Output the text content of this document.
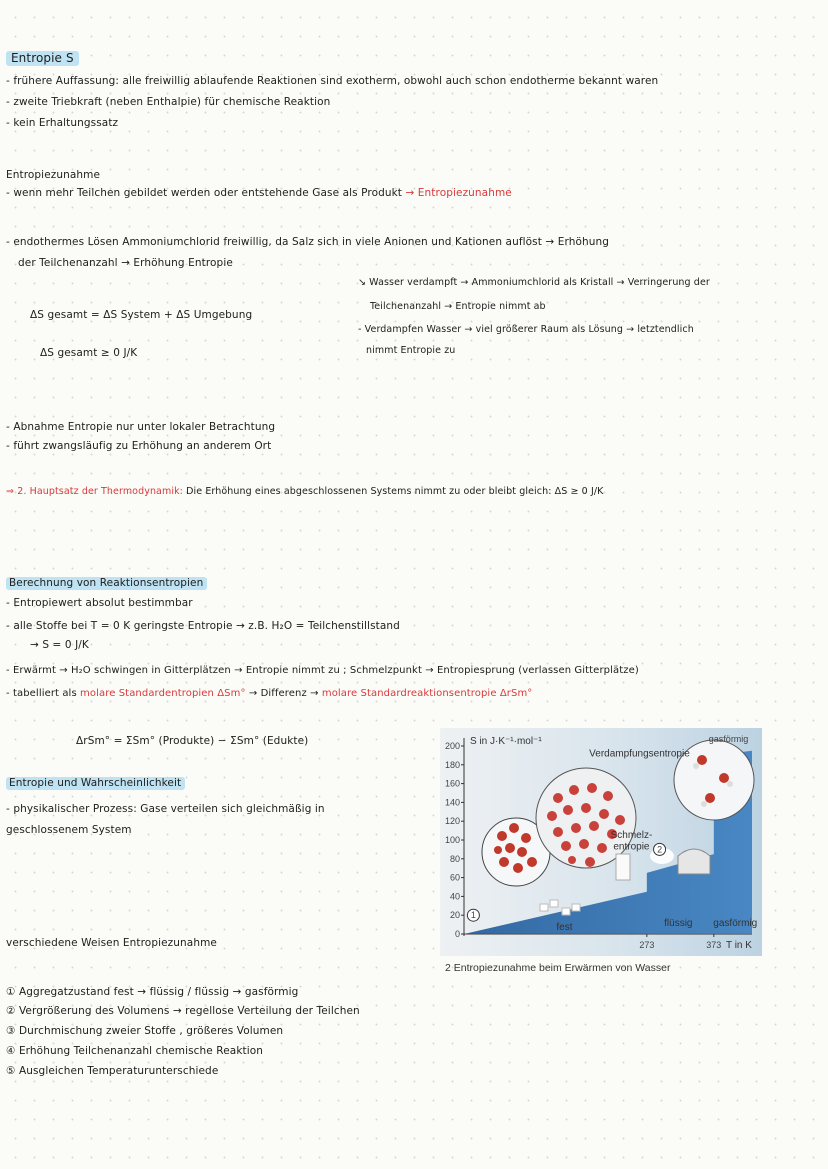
Entropie S
- frühere Auffassung: alle freiwillig ablaufende Reaktionen sind exotherm, obwohl auch schon endotherme bekannt waren
- zweite Triebkraft (neben Enthalpie) für chemische Reaktion
- kein Erhaltungssatz
Entropiezunahme
- wenn mehr Teilchen gebildet werden oder entstehende Gase als Produkt → Entropiezunahme
- endothermes Lösen Ammoniumchlorid freiwillig, da Salz sich in viele Anionen und Kationen auflöst → Erhöhung
der Teilchenanzahl → Erhöhung Entropie
↘ Wasser verdampft → Ammoniumchlorid als Kristall → Verringerung der
Teilchenanzahl → Entropie nimmt ab
- Verdampfen Wasser → viel größerer Raum als Lösung → letztendlich
nimmt Entropie zu
ΔS gesamt = ΔS System + ΔS Umgebung
ΔS gesamt ≥ 0 J/K
- Abnahme Entropie nur unter lokaler Betrachtung
- führt zwangsläufig zu Erhöhung an anderem Ort
⇒ 2. Hauptsatz der Thermodynamik: Die Erhöhung eines abgeschlossenen Systems nimmt zu oder bleibt gleich: ΔS ≥ 0 J/K
Berechnung von Reaktionsentropien
- Entropiewert absolut bestimmbar
- alle Stoffe bei T = 0 K geringste Entropie → z.B. H₂O = Teilchenstillstand
→ S = 0 J/K
- Erwärmt → H₂O schwingen in Gitterplätzen → Entropie nimmt zu ; Schmelzpunkt → Entropiesprung (verlassen Gitterplätze)
- tabelliert als molare Standardentropien ΔSm° → Differenz → molare Standardreaktionsentropie ΔrSm°
ΔrSm° = ΣSm° (Produkte) − ΣSm° (Edukte)
Entropie und Wahrscheinlichkeit
- physikalischer Prozess: Gase verteilen sich gleichmäßig in
geschlossenem System
verschiedene Weisen Entropiezunahme
① Aggregatzustand fest → flüssig / flüssig → gasförmig
② Vergrößerung des Volumens → regellose Verteilung der Teilchen
③ Durchmischung zweier Stoffe , größeres Volumen
④ Erhöhung Teilchenanzahl chemische Reaktion
⑤ Ausgleichen Temperaturunterschiede
0
20
40
60
80
100
120
140
160
180
200
273	373
S in J·K⁻¹·mol⁻¹
T in K
fest	flüssig gasförmig
gasförmig
Schmelz-
entropie
Verdampfungsentropie
1
2
2 Entropiezunahme beim Erwärmen von Wasser
